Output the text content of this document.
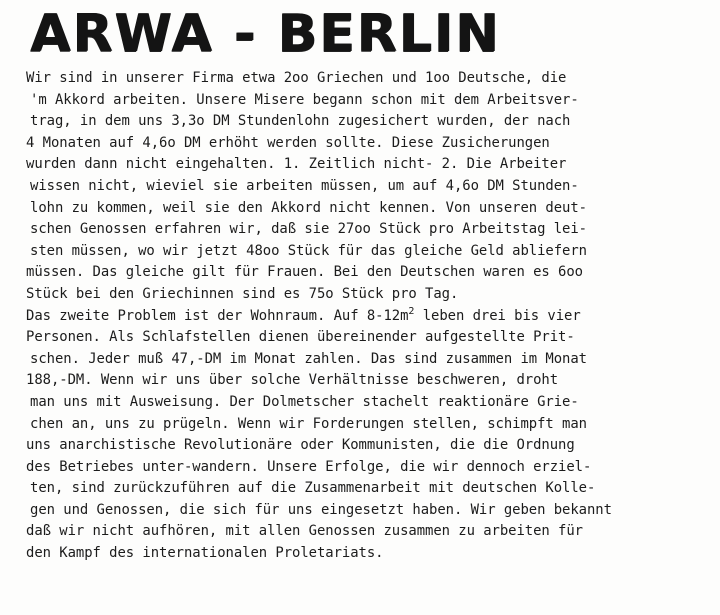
ARWA - BERLIN
Wir sind in unserer Firma etwa 2oo Griechen und 1oo Deutsche, die
'm Akkord arbeiten. Unsere Misere begann schon mit dem Arbeitsver-
trag, in dem uns 3,3o DM Stundenlohn zugesichert wurden, der nach
4 Monaten auf 4,6o DM erhöht werden sollte. Diese Zusicherungen
wurden dann nicht eingehalten. 1. Zeitlich nicht- 2. Die Arbeiter
wissen nicht, wieviel sie arbeiten müssen, um auf 4,6o DM Stunden-
lohn zu kommen, weil sie den Akkord nicht kennen. Von unseren deut-
schen Genossen erfahren wir, daß sie 27oo Stück pro Arbeitstag lei-
sten müssen, wo wir jetzt 48oo Stück für das gleiche Geld abliefern
müssen. Das gleiche gilt für Frauen. Bei den Deutschen waren es 6oo
Stück bei den Griechinnen sind es 75o Stück pro Tag.
Das zweite Problem ist der Wohnraum. Auf $8-12m^2$ leben drei bis vier
Personen. Als Schlafstellen dienen übereinender aufgestellte Prit-
schen. Jeder muß 47,-DM im Monat zahlen. Das sind zusammen im Monat
188,-DM. Wenn wir uns über solche Verhältnisse beschweren, droht
man uns mit Ausweisung. Der Dolmetscher stachelt reaktionäre Grie-
chen an, uns zu prügeln. Wenn wir Forderungen stellen, schimpft man
uns anarchistische Revolutionäre oder Kommunisten, die die Ordnung
des Betriebes unter-wandern. Unsere Erfolge, die wir dennoch erziel-
ten, sind zurückzuführen auf die Zusammenarbeit mit deutschen Kolle-
gen und Genossen, die sich für uns eingesetzt haben. Wir geben bekannt
daß wir nicht aufhören, mit allen Genossen zusammen zu arbeiten für
den Kampf des internationalen Proletariats.
